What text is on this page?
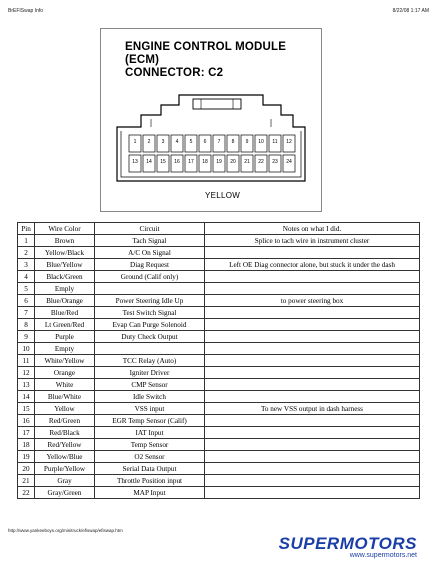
BrEFISwap Info	8/22/08 1:17 AM
ENGINE CONTROL MODULE (ECM)
CONNECTOR: C2
1 2 3 4 5 6 7 8 9 10 11 12
13 14 15 16 17 18 19 20 21 22 23 24
YELLOW
Pin	Wire Color	Circuit	Notes on what I did.
1	Brown	Tach Signal	Splice to tach wire in instrument cluster
2	Yellow/Black	A/C On Signal	
3	Blue/Yellow	Diag Request	Left OE Diag connector alone, but stuck it under the dash
4	Black/Green	Ground (Calif only)	
5	Emply		
6	Blue/Orange	Power Steering Idle Up	to power steering box
7	Blue/Red	Test Switch Signal	
8	Lt Green/Red	Evap Can Purge Solenoid	
9	Purple	Duty Check Output	
10	Empty		
11	White/Yellow	TCC Relay (Auto)	
12	Orange	Igniter Driver	
13	White	CMP Sensor	
14	Blue/White	Idle Switch	
15	Yellow	VSS input	To new VSS output in dash harness
16	Red/Green	EGR Temp Sensor (Calif)	
17	Red/Black	IAT Input	
18	Red/Yellow	Temp Sensor	
19	Yellow/Blue	O2 Sensor	
20	Purple/Yellow	Serial Data Output	
21	Gray	Throttle Position input	
22	Gray/Green	MAP Input	
http://www.yankeeboys.org/minitruck/efiswap/efiswap.htm
SUPERMOTORS
www.supermotors.net
